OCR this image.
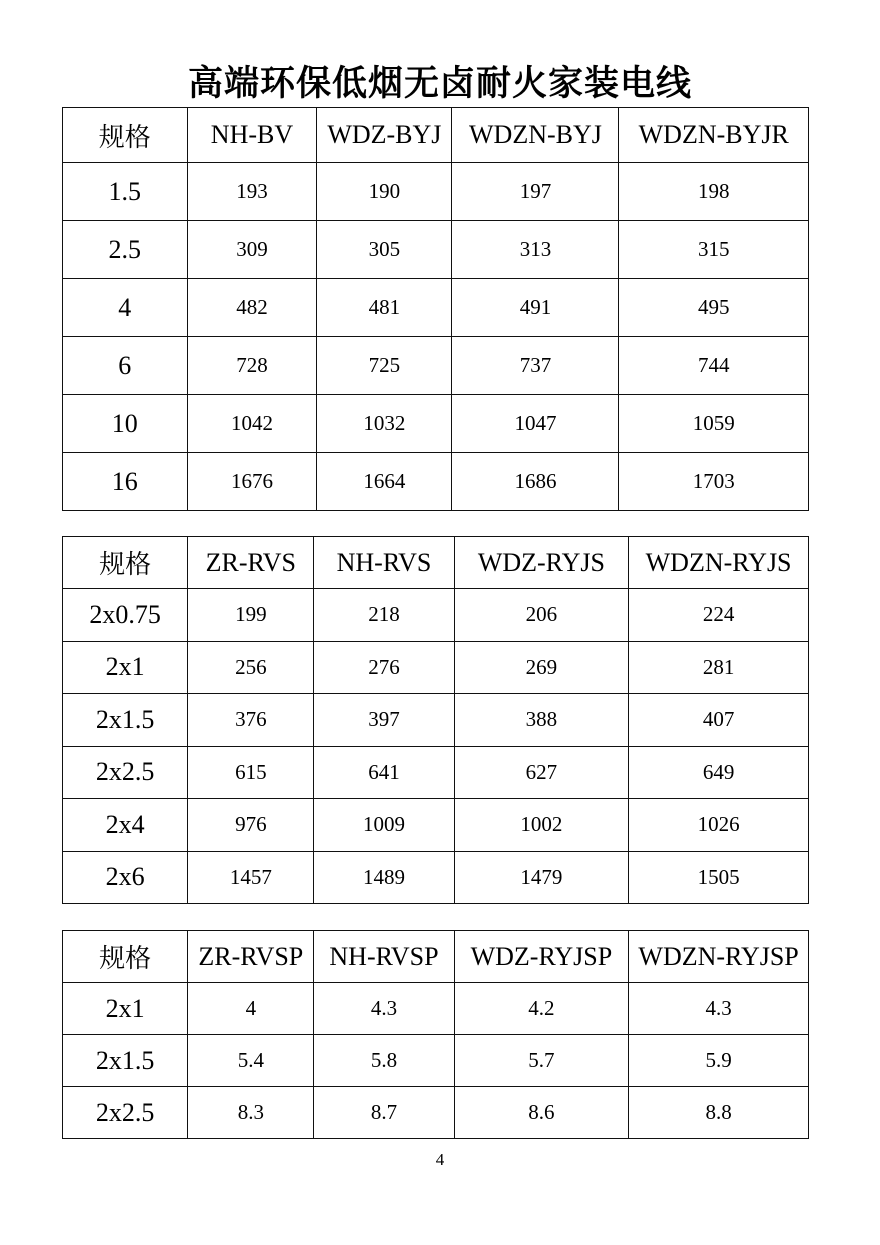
高端环保低烟无卤耐火家装电线
规格	NH-BV	WDZ-BYJ	WDZN-BYJ	WDZN-BYJR
1.5	193	190	197	198
2.5	309	305	313	315
4	482	481	491	495
6	728	725	737	744
10	1042	1032	1047	1059
16	1676	1664	1686	1703
规格	ZR-RVS	NH-RVS	WDZ-RYJS	WDZN-RYJS
2x0.75	199	218	206	224
2x1	256	276	269	281
2x1.5	376	397	388	407
2x2.5	615	641	627	649
2x4	976	1009	1002	1026
2x6	1457	1489	1479	1505
规格	ZR-RVSP	NH-RVSP	WDZ-RYJSP	WDZN-RYJSP
2x1	4	4.3	4.2	4.3
2x1.5	5.4	5.8	5.7	5.9
2x2.5	8.3	8.7	8.6	8.8
4
